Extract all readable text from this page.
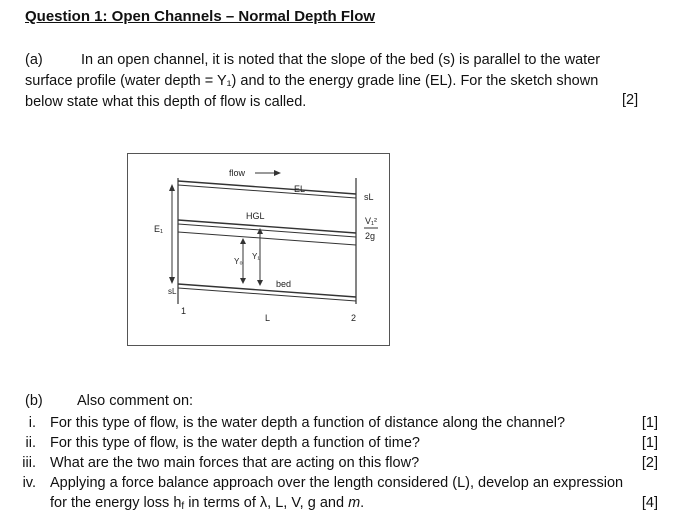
Question 1: Open Channels – Normal Depth Flow
(a)	In an open channel, it is noted that the slope of the bed (s) is parallel to the water
surface profile (water depth = Y₁) and to the energy grade line (EL). For the sketch shown
below state what this depth of flow is called.	[2]
flow
EL
HGL
E₁
sL
V₁²
2g
Y₀
Y₁
bed
sL
1
L	2
(b) Also comment on:
i. For this type of flow, is the water depth a function of distance along the channel?	[1]
ii. For this type of flow, is the water depth a function of time?	[1]
iii. What are the two main forces that are acting on this flow?	[2]
iv. Applying a force balance approach over the length considered (L), develop an expression
for the energy loss $h_f$ in terms of λ, L, V, g and m.	[4]
